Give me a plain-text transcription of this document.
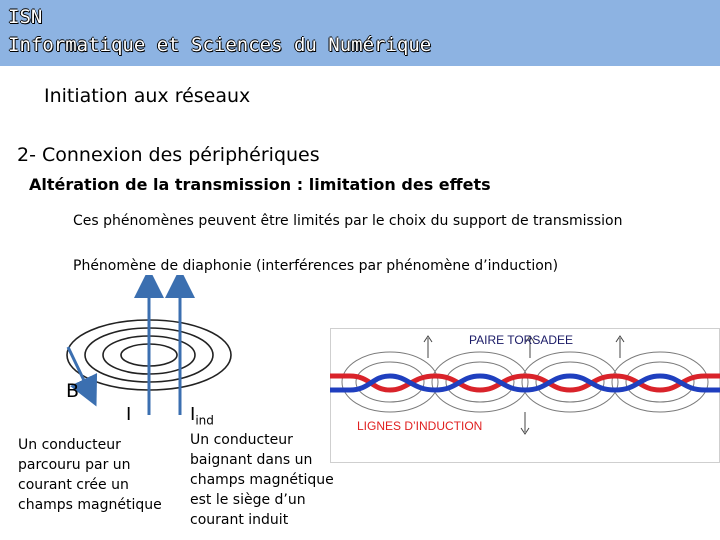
ISN
Informatique et Sciences du Numérique
Initiation aux réseaux
2- Connexion des périphériques
Altération de la transmission : limitation des effets
Ces phénomènes peuvent être limités par le choix du support de transmission
Phénomène de diaphonie (interférences par phénomène d’induction)
B
I	$I_{ind}$
Un conducteur parcouru par un courant crée un champs magnétique
Un conducteur baignant dans un champs magnétique est le siège d’un courant induit
PAIRE TORSADEE
LIGNES D’INDUCTION
